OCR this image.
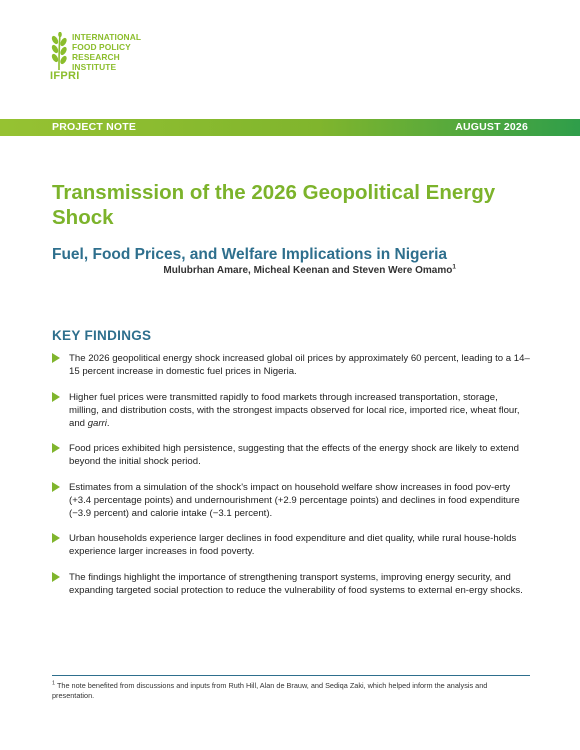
INTERNATIONAL
FOOD POLICY
RESEARCH
INSTITUTE
IFPRI
PROJECT NOTE	AUGUST 2026
Transmission of the 2026 Geopolitical Energy Shock
Fuel, Food Prices, and Welfare Implications in Nigeria
Mulubrhan Amare, Micheal Keenan and Steven Were Omamo$^1$
KEY FINDINGS
The 2026 geopolitical energy shock increased global oil prices by approximately 60 percent, leading to a 14–15 percent increase in domestic fuel prices in Nigeria.
Higher fuel prices were transmitted rapidly to food markets through increased transportation, storage, milling, and distribution costs, with the strongest impacts observed for local rice, imported rice, wheat flour, and garri.
Food prices exhibited high persistence, suggesting that the effects of the energy shock are likely to extend beyond the initial shock period.
Estimates from a simulation of the shock's impact on household welfare show increases in food pov-erty (+3.4 percentage points) and undernourishment (+2.9 percentage points) and declines in food expenditure (−3.9 percent) and calorie intake (−3.1 percent).
Urban households experience larger declines in food expenditure and diet quality, while rural house-holds experience larger increases in food poverty.
The findings highlight the importance of strengthening transport systems, improving energy security, and expanding targeted social protection to reduce the vulnerability of food systems to external en-ergy shocks.
$^1$ The note benefited from discussions and inputs from Ruth Hill, Alan de Brauw, and Sediqa Zaki, which helped inform the analysis and presentation.
